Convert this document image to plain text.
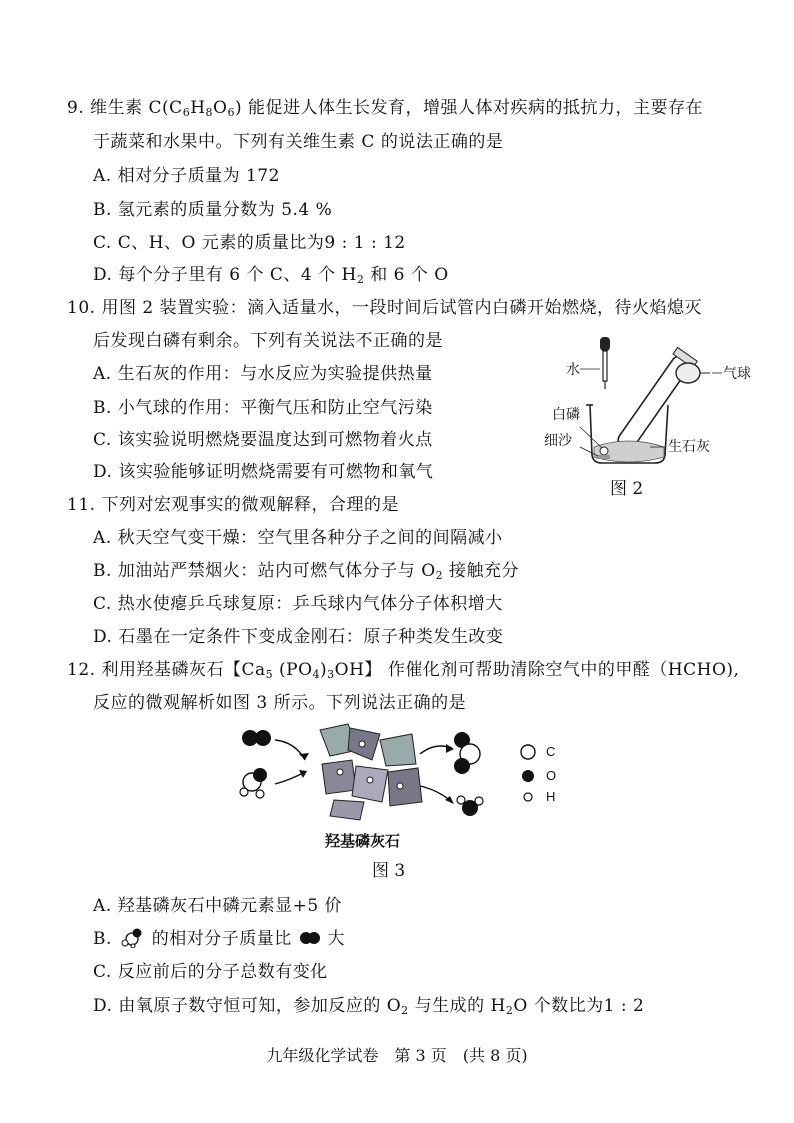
9. 维生素 $C(C_6H_8O_6)$ 能促进人体生长发育，增强人体对疾病的抵抗力，主要存在
于蔬菜和水果中。下列有关维生素 C 的说法正确的是
A. 相对分子质量为 172
B. 氢元素的质量分数为 5.4 %
C. C、H、O 元素的质量比为9 : 1 : 12
D. 每个分子里有 6 个 C、4 个 $H_2$ 和 6 个 O
10. 用图 2 装置实验：滴入适量水，一段时间后试管内白磷开始燃烧，待火焰熄灭
后发现白磷有剩余。下列有关说法不正确的是
A. 生石灰的作用：与水反应为实验提供热量
B. 小气球的作用：平衡气压和防止空气污染
C. 该实验说明燃烧要温度达到可燃物着火点
D. 该实验能够证明燃烧需要有可燃物和氧气
水	气球
白磷
细沙	生石灰
图 2
11. 下列对宏观事实的微观解释，合理的是
A. 秋天空气变干燥：空气里各种分子之间的间隔减小
B. 加油站严禁烟火：站内可燃气体分子与 $O_2$ 接触充分
C. 热水使瘪乒乓球复原：乒乓球内气体分子体积增大
D. 石墨在一定条件下变成金刚石：原子种类发生改变
12. 利用羟基磷灰石【$Ca_5$ $(PO_4)_3OH$】 作催化剂可帮助清除空气中的甲醛（HCHO),
反应的微观解析如图 3 所示。下列说法正确的是
C
O
H
羟基磷灰石
图 3
A. 羟基磷灰石中磷元素显+5 价
B. 的相对分子质量比 大
C. 反应前后的分子总数有变化
D. 由氧原子数守恒可知，参加反应的 $O_2$ 与生成的 $H_2O$ 个数比为1 : 2
九年级化学试卷　第 3 页　(共 8 页)
